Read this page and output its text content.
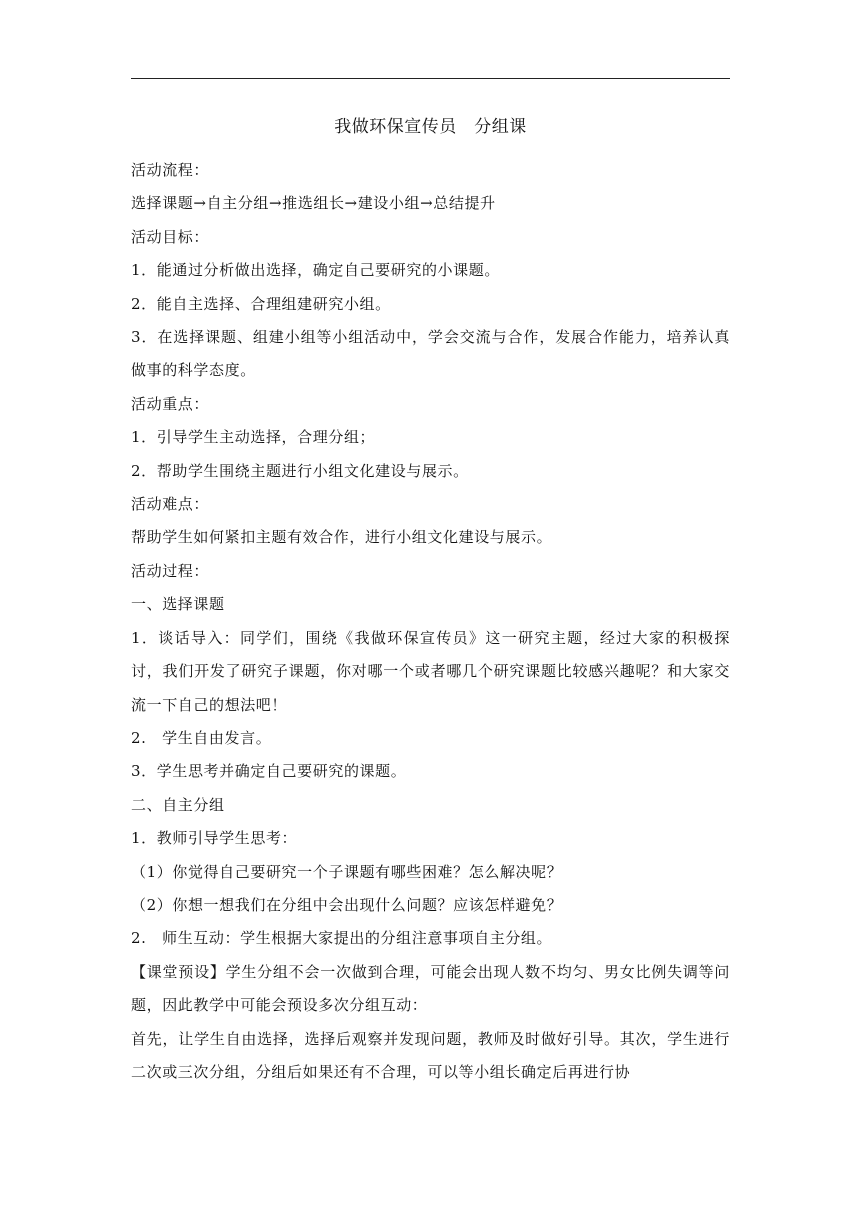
我做环保宣传员　分组课

活动流程：

选择课题→自主分组→推选组长→建设小组→总结提升

活动目标：

1．能通过分析做出选择，确定自己要研究的小课题。

2．能自主选择、合理组建研究小组。

3．在选择课题、组建小组等小组活动中，学会交流与合作，发展合作能力，培养认真做事的科学态度。

活动重点：

1．引导学生主动选择，合理分组；

2．帮助学生围绕主题进行小组文化建设与展示。

活动难点：

帮助学生如何紧扣主题有效合作，进行小组文化建设与展示。

活动过程：

一、选择课题

1．谈话导入：同学们，围绕《我做环保宣传员》这一研究主题，经过大家的积极探讨，我们开发了研究子课题，你对哪一个或者哪几个研究课题比较感兴趣呢？和大家交流一下自己的想法吧！

2.　学生自由发言。

3．学生思考并确定自己要研究的课题。

二、自主分组

1．教师引导学生思考：

（1）你觉得自己要研究一个子课题有哪些困难？怎么解决呢？

（2）你想一想我们在分组中会出现什么问题？应该怎样避免？

2.　师生互动：学生根据大家提出的分组注意事项自主分组。

【课堂预设】学生分组不会一次做到合理，可能会出现人数不均匀、男女比例失调等问题，因此教学中可能会预设多次分组互动：

首先，让学生自由选择，选择后观察并发现问题，教师及时做好引导。其次，学生进行二次或三次分组，分组后如果还有不合理，可以等小组长确定后再进行协
